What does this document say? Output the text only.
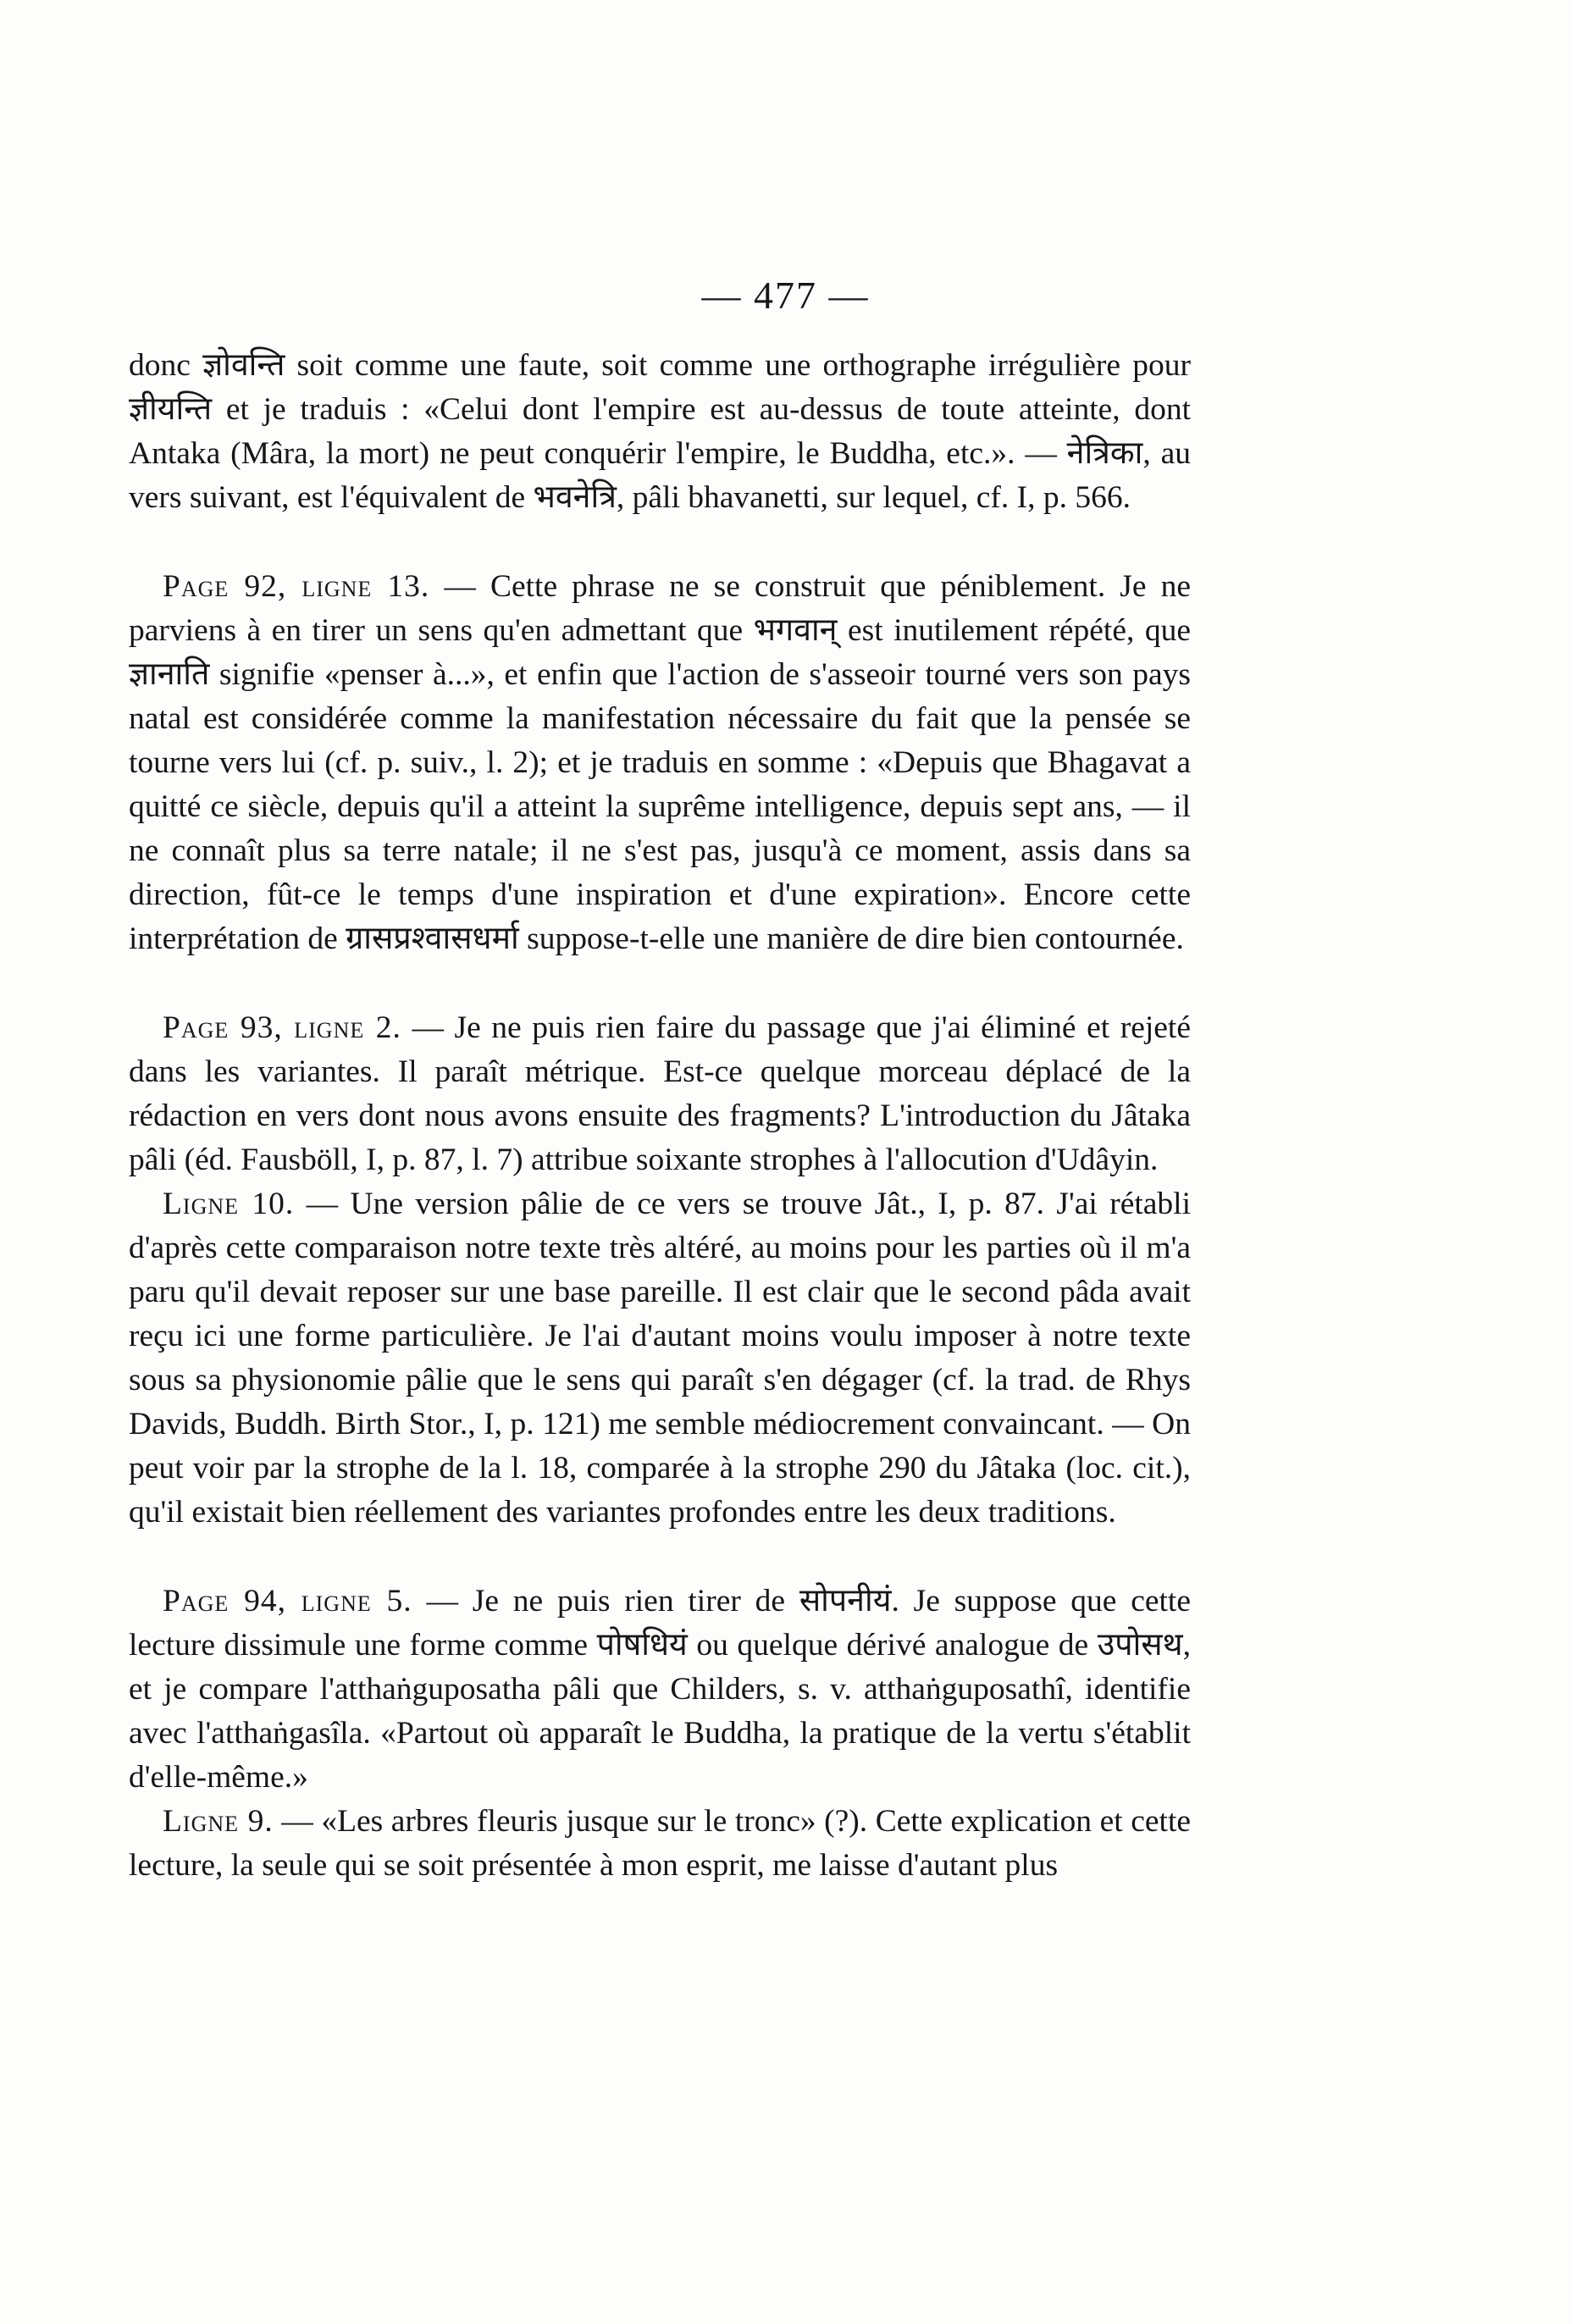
— 477 —

donc ज्ञोवन्ति soit comme une faute, soit comme une orthographe irrégulière pour ज्ञीयन्ति et je traduis : «Celui dont l'empire est au-dessus de toute atteinte, dont Antaka (Mâra, la mort) ne peut conquérir l'empire, le Buddha, etc.». — नेत्रिका, au vers suivant, est l'équivalent de भवनेत्रि, pâli bhavanetti, sur lequel, cf. I, p. 566.

Page 92, ligne 13. — Cette phrase ne se construit que péniblement. Je ne parviens à en tirer un sens qu'en admettant que भगवान् est inutilement répété, que ज्ञानाति signifie «penser à...», et enfin que l'action de s'asseoir tourné vers son pays natal est considérée comme la manifestation nécessaire du fait que la pensée se tourne vers lui (cf. p. suiv., l. 2); et je traduis en somme : «Depuis que Bhagavat a quitté ce siècle, depuis qu'il a atteint la suprême intelligence, depuis sept ans, — il ne connaît plus sa terre natale; il ne s'est pas, jusqu'à ce moment, assis dans sa direction, fût-ce le temps d'une inspiration et d'une expiration». Encore cette interprétation de ग्रासप्रश्वासधर्मा suppose-t-elle une manière de dire bien contournée.

Page 93, ligne 2. — Je ne puis rien faire du passage que j'ai éliminé et rejeté dans les variantes. Il paraît métrique. Est-ce quelque morceau déplacé de la rédaction en vers dont nous avons ensuite des fragments? L'introduction du Jâtaka pâli (éd. Fausböll, I, p. 87, l. 7) attribue soixante strophes à l'allocution d'Udâyin.

Ligne 10. — Une version pâlie de ce vers se trouve Jât., I, p. 87. J'ai rétabli d'après cette comparaison notre texte très altéré, au moins pour les parties où il m'a paru qu'il devait reposer sur une base pareille. Il est clair que le second pâda avait reçu ici une forme particulière. Je l'ai d'autant moins voulu imposer à notre texte sous sa physionomie pâlie que le sens qui paraît s'en dégager (cf. la trad. de Rhys Davids, Buddh. Birth Stor., I, p. 121) me semble médiocrement convaincant. — On peut voir par la strophe de la l. 18, comparée à la strophe 290 du Jâtaka (loc. cit.), qu'il existait bien réellement des variantes profondes entre les deux traditions.

Page 94, ligne 5. — Je ne puis rien tirer de सोपनीयं. Je suppose que cette lecture dissimule une forme comme पोषधियं ou quelque dérivé analogue de उपोसथ, et je compare l'atthaṅguposatha pâli que Childers, s. v. atthaṅguposathî, identifie avec l'atthaṅgasîla. «Partout où apparaît le Buddha, la pratique de la vertu s'établit d'elle-même.»

Ligne 9. — «Les arbres fleuris jusque sur le tronc» (?). Cette explication et cette lecture, la seule qui se soit présentée à mon esprit, me laisse d'autant plus
